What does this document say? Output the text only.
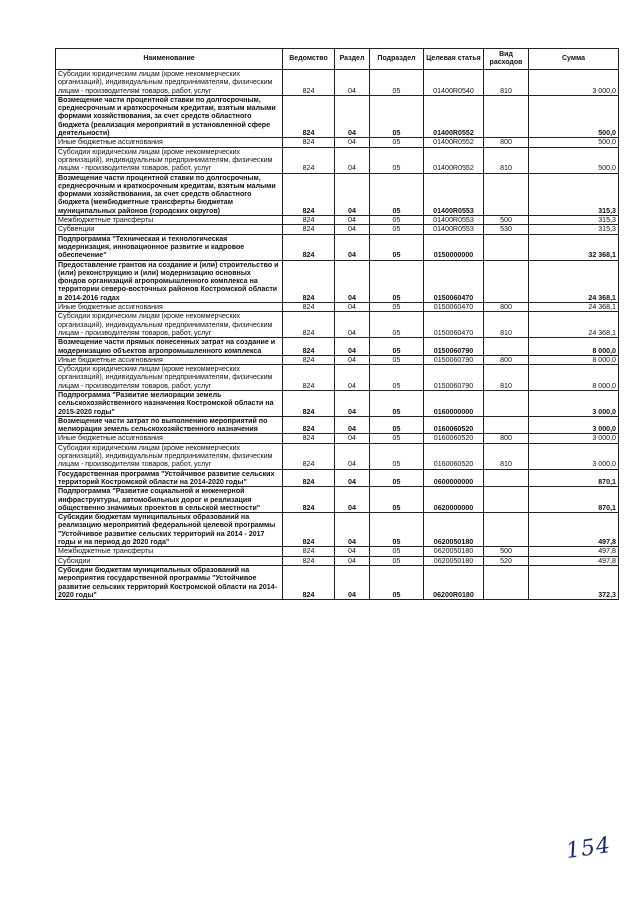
Наименование	Ведомство	Раздел	Подраздел	Целевая статья	Вид расходов	Сумма
Субсидии юридическим лицам (кроме некоммерческих организаций), индивидуальным предпринимателям, физическим лицам - производителям товаров, работ, услуг	824	04	05	01400R0540	810	3 000,0
Возмещение части процентной ставки по долгосрочным, среднесрочным и краткосрочным кредитам, взятым малыми формами хозяйствования, за счет средств областного бюджета (реализация мероприятий в установленной сфере деятельности)	824	04	05	01400R0552		500,0
Иные бюджетные ассигнования	824	04	05	01400R0552	800	500,0
Субсидии юридическим лицам (кроме некоммерческих организаций), индивидуальным предпринимателям, физическим лицам - производителям товаров, работ, услуг	824	04	05	01400R0552	810	500,0
Возмещение части процентной ставки по долгосрочным, среднесрочным и краткосрочным кредитам, взятым малыми формами хозяйствования, за счет средств областного бюджета (межбюджетные трансферты бюджетам муниципальных районов (городских округов)	824	04	05	01400R0553		315,3
Межбюджетные трансферты	824	04	05	01400R0553	500	315,3
Субвенции	824	04	05	01400R0553	530	315,3
Подпрограмма "Техническая и технологическая модернизация, инновационное развитие и кадровое обеспечение"	824	04	05	0150000000		32 368,1
Предоставление грантов на создание и (или) строительство и (или) реконструкцию и (или) модернизацию основных фондов организаций агропромышленного комплекса на территории северо-восточных районов Костромской области в 2014-2016 годах	824	04	05	0150060470		24 368,1
Иные бюджетные ассигнования	824	04	05	0150060470	800	24 368,1
Субсидии юридическим лицам (кроме некоммерческих организаций), индивидуальным предпринимателям, физическим лицам - производителям товаров, работ, услуг	824	04	05	0150060470	810	24 368,1
Возмещение части прямых понесенных затрат на создание и модернизацию объектов агропромышленного комплекса	824	04	05	0150060790		8 000,0
Иные бюджетные ассигнования	824	04	05	0150060790	800	8 000,0
Субсидии юридическим лицам (кроме некоммерческих организаций), индивидуальным предпринимателям, физическим лицам - производителям товаров, работ, услуг	824	04	05	0150060790	810	8 000,0
Подпрограмма "Развитие мелиорации земель сельскохозяйственного назначения Костромской области на 2015-2020 годы"	824	04	05	0160000000		3 000,0
Возмещение части затрат по выполнению мероприятий по мелиорации земель сельскохозяйственного назначения	824	04	05	0160060520		3 000,0
Иные бюджетные ассигнования	824	04	05	0160060520	800	3 000,0
Субсидии юридическим лицам (кроме некоммерческих организаций), индивидуальным предпринимателям, физическим лицам - производителям товаров, работ, услуг	824	04	05	0160060520	810	3 000,0
Государственная программа "Устойчивое развитие сельских территорий Костромской области на 2014-2020 годы"	824	04	05	0600000000		870,1
Подпрограмма "Развитие социальной и инженерной инфраструктуры, автомобильных дорог и реализация общественно значимых проектов в сельской местности"	824	04	05	0620000000		870,1
Субсидии бюджетам муниципальных образований на реализацию мероприятий федеральной целевой программы "Устойчивое развитие сельских территорий на 2014 - 2017 годы и на период до 2020 года"	824	04	05	0620050180		497,8
Межбюджетные трансферты	824	04	05	0620050180	500	497,8
Субсидии	824	04	05	0620050180	520	497,8
Субсидии бюджетам муниципальных образований на мероприятия государственной программы "Устойчивое развитие сельских территорий Костромской области на 2014-2020 годы"	824	04	05	06200R0180		372,3
154
